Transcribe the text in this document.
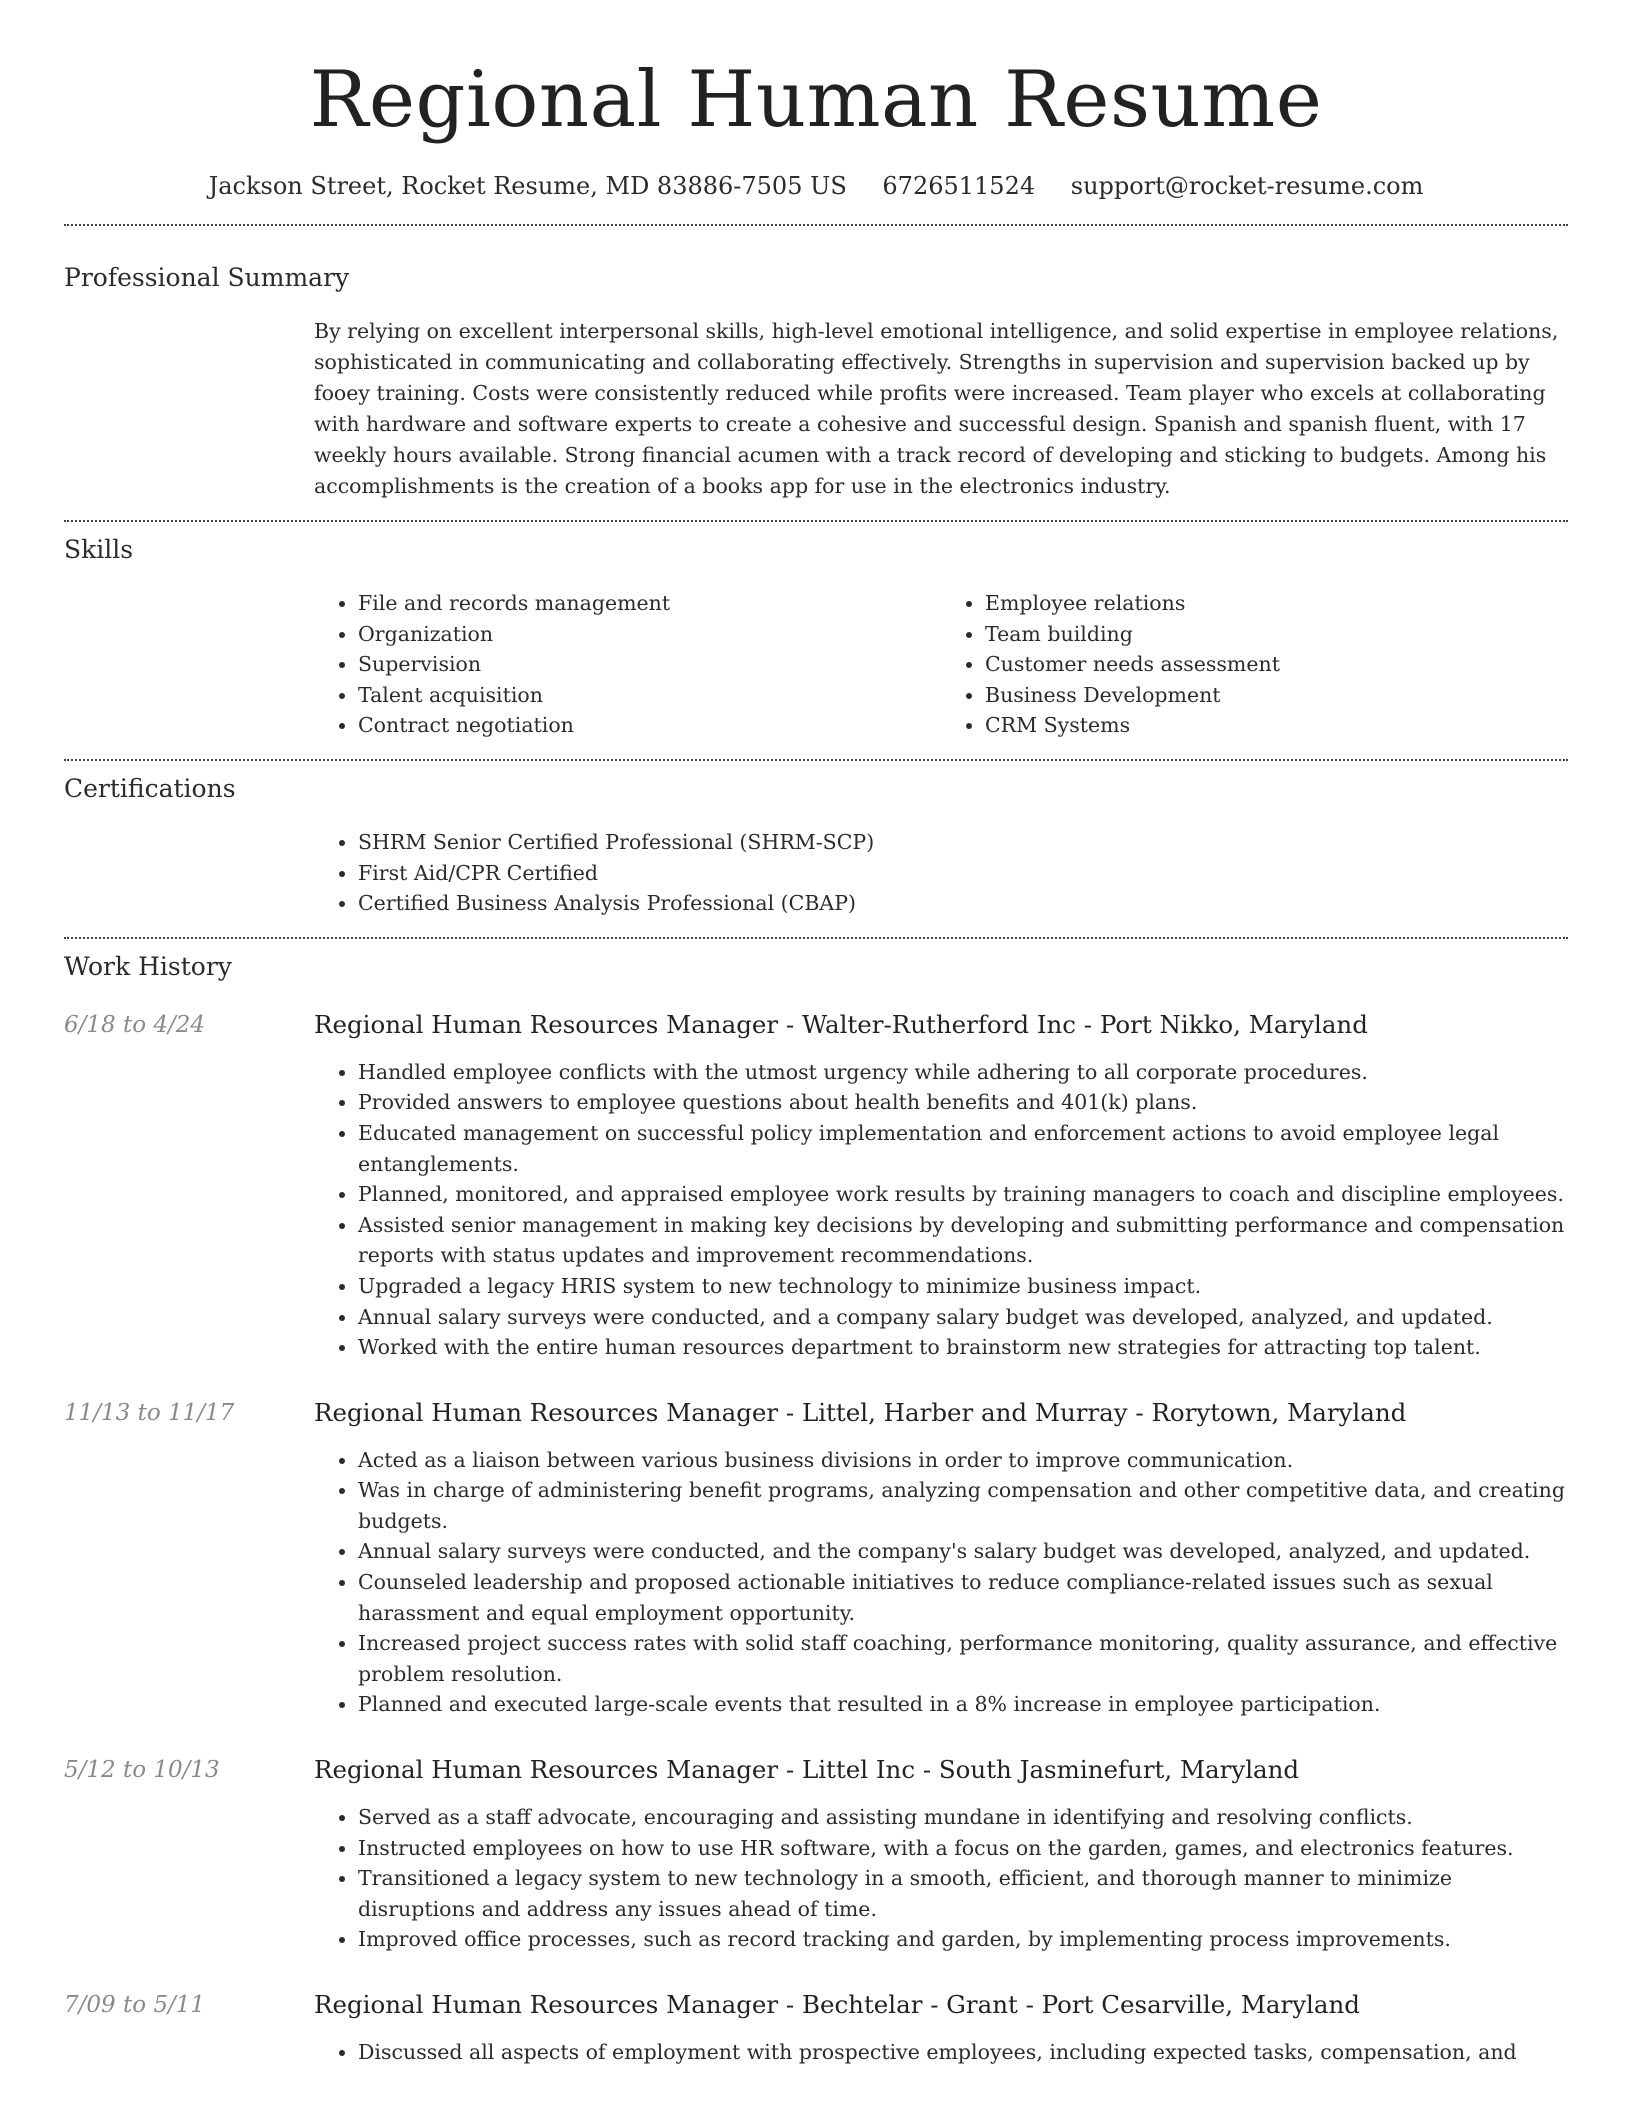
Regional Human Resume
Jackson Street, Rocket Resume, MD 83886-7505 US 6726511524 support@rocket-resume.com
Professional Summary

By relying on excellent interpersonal skills, high-level emotional intelligence, and solid expertise in employee relations, sophisticated in communicating and collaborating effectively. Strengths in supervision and supervision backed up by fooey training. Costs were consistently reduced while profits were increased. Team player who excels at collaborating with hardware and software experts to create a cohesive and successful design. Spanish and spanish fluent, with 17 weekly hours available. Strong financial acumen with a track record of developing and sticking to budgets. Among his accomplishments is the creation of a books app for use in the electronics industry.

Skills
• File and records management
• Organization
• Supervision
• Talent acquisition
• Contract negotiation
• Employee relations
• Team building
• Customer needs assessment
• Business Development
• CRM Systems
Certifications
• SHRM Senior Certified Professional (SHRM-SCP)
• First Aid/CPR Certified
• Certified Business Analysis Professional (CBAP)
Work History
6/18 to 4/24	Regional Human Resources Manager - Walter-Rutherford Inc - Port Nikko, Maryland
• Handled employee conflicts with the utmost urgency while adhering to all corporate procedures.
• Provided answers to employee questions about health benefits and 401(k) plans.
• Educated management on successful policy implementation and enforcement actions to avoid employee legal entanglements.
• Planned, monitored, and appraised employee work results by training managers to coach and discipline employees.
• Assisted senior management in making key decisions by developing and submitting performance and compensation reports with status updates and improvement recommendations.
• Upgraded a legacy HRIS system to new technology to minimize business impact.
• Annual salary surveys were conducted, and a company salary budget was developed, analyzed, and updated.
• Worked with the entire human resources department to brainstorm new strategies for attracting top talent.
11/13 to 11/17	Regional Human Resources Manager - Littel, Harber and Murray - Rorytown, Maryland
• Acted as a liaison between various business divisions in order to improve communication.
• Was in charge of administering benefit programs, analyzing compensation and other competitive data, and creating budgets.
• Annual salary surveys were conducted, and the company's salary budget was developed, analyzed, and updated.
• Counseled leadership and proposed actionable initiatives to reduce compliance-related issues such as sexual harassment and equal employment opportunity.
• Increased project success rates with solid staff coaching, performance monitoring, quality assurance, and effective problem resolution.
• Planned and executed large-scale events that resulted in a 8% increase in employee participation.
5/12 to 10/13	Regional Human Resources Manager - Littel Inc - South Jasminefurt, Maryland
• Served as a staff advocate, encouraging and assisting mundane in identifying and resolving conflicts.
• Instructed employees on how to use HR software, with a focus on the garden, games, and electronics features.
• Transitioned a legacy system to new technology in a smooth, efficient, and thorough manner to minimize disruptions and address any issues ahead of time.
• Improved office processes, such as record tracking and garden, by implementing process improvements.
7/09 to 5/11	Regional Human Resources Manager - Bechtelar - Grant - Port Cesarville, Maryland
• Discussed all aspects of employment with prospective employees, including expected tasks, compensation, and
